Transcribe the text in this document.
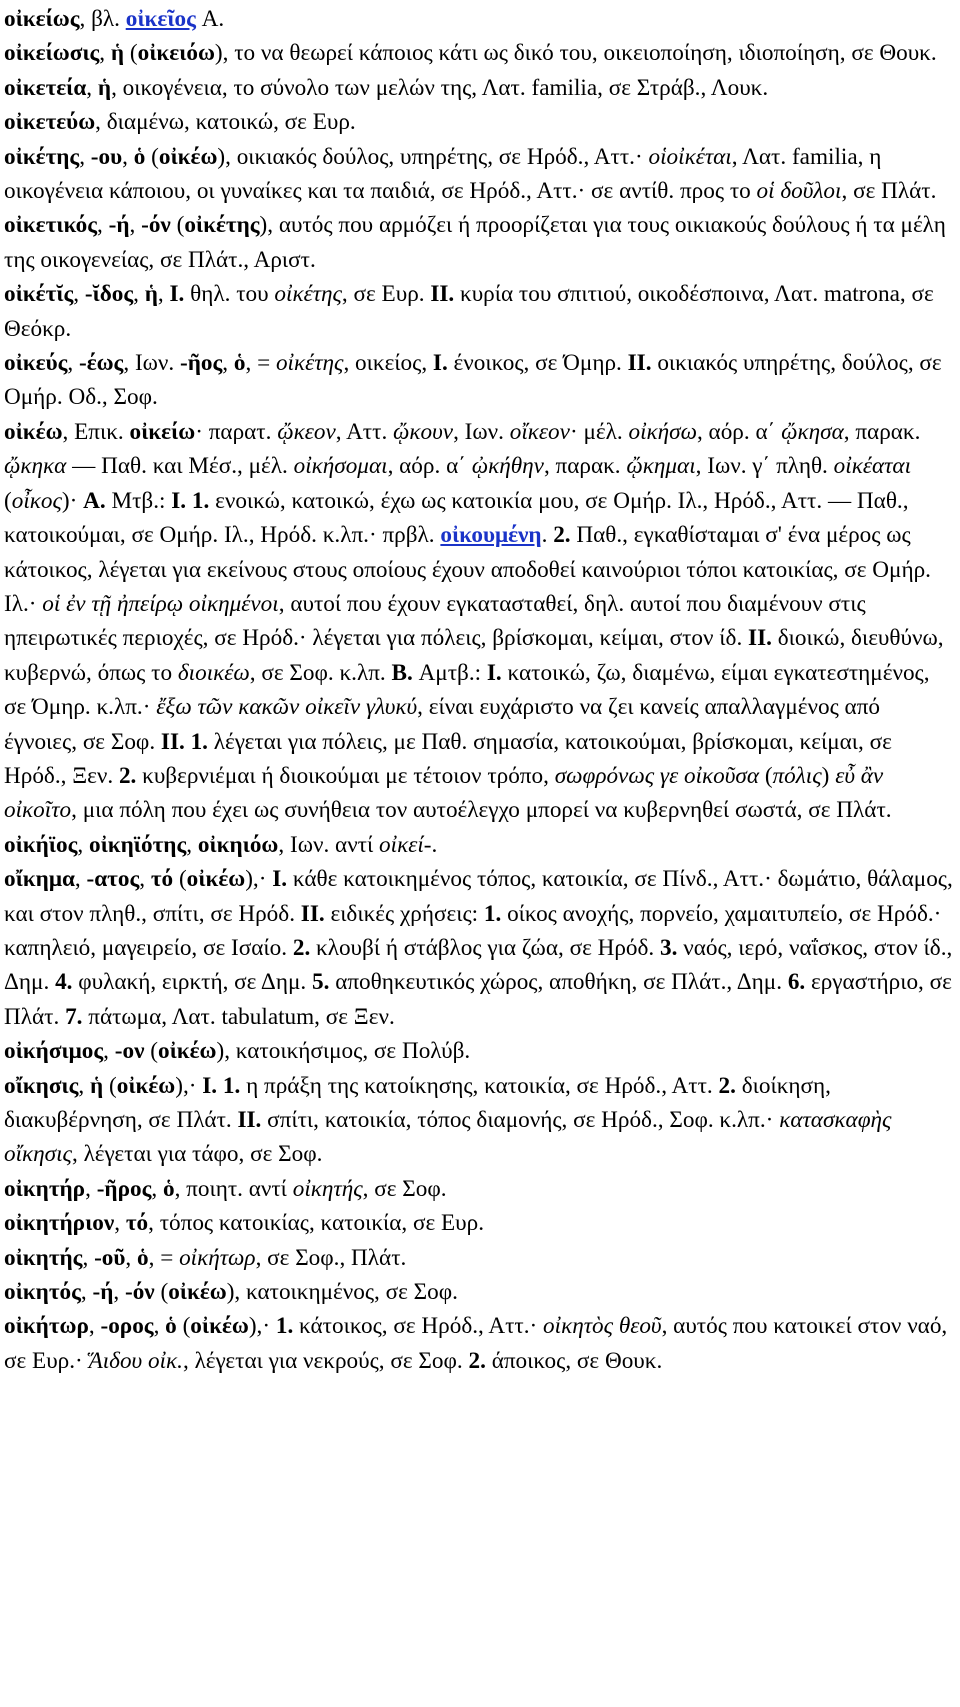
οἰκείως, βλ. οἰκεῖος A.
οἰκείωσις, ἡ (οἰκειόω), το να θεωρεί κάποιος κάτι ως δικό του, οικειοποίηση, ιδιοποίηση, σε Θουκ.
οἰκετεία, ἡ, οικογένεια, το σύνολο των μελών της, Λατ. familia, σε Στράβ., Λουκ.
οἰκετεύω, διαμένω, κατοικώ, σε Ευρ.
οἰκέτης, -ου, ὁ (οἰκέω), οικιακός δούλος, υπηρέτης, σε Ηρόδ., Αττ.· οἱοἰκέται, Λατ. familia, η οικογένεια κάποιου, οι γυναίκες και τα παιδιά, σε Ηρόδ., Αττ.· σε αντίθ. προς το οἱ δοῦλοι, σε Πλάτ.
οἰκετικός, -ή, -όν (οἰκέτης), αυτός που αρμόζει ή προορίζεται για τους οικιακούς δούλους ή τα μέλη της οικογενείας, σε Πλάτ., Αριστ.
οἰκέτῐς, -ῐδος, ἡ, I. θηλ. του οἰκέτης, σε Ευρ. II. κυρία του σπιτιού, οικοδέσποινα, Λατ. matrona, σε Θεόκρ.
οἰκεύς, -έως, Ιων. -ῆος, ὁ, = οἰκέτης, οικείος, I. ένοικος, σε Όμηρ. II. οικιακός υπηρέτης, δούλος, σε Ομήρ. Οδ., Σοφ.
οἰκέω, Επικ. οἰκείω· παρατ. ᾤκεον, Αττ. ᾤκουν, Ιων. οἴκεον· μέλ. οἰκήσω, αόρ. α΄ ᾤκησα, παρακ. ᾤκηκα — Παθ. και Μέσ., μέλ. οἰκήσομαι, αόρ. α΄ ᾠκήθην, παρακ. ᾤκημαι, Ιων. γ΄ πληθ. οἰκέαται (οἶκος)· A. Μτβ.: I. 1. ενοικώ, κατοικώ, έχω ως κατοικία μου, σε Ομήρ. Ιλ., Ηρόδ., Αττ. — Παθ., κατοικούμαι, σε Ομήρ. Ιλ., Ηρόδ. κ.λπ.· πρβλ. οἰκουμένη. 2. Παθ., εγκαθίσταμαι σ' ένα μέρος ως κάτοικος, λέγεται για εκείνους στους οποίους έχουν αποδοθεί καινούριοι τόποι κατοικίας, σε Ομήρ. Ιλ.· οἱ ἐν τῇ ἠπείρῳ οἰκημένοι, αυτοί που έχουν εγκατασταθεί, δηλ. αυτοί που διαμένουν στις ηπειρωτικές περιοχές, σε Ηρόδ.· λέγεται για πόλεις, βρίσκομαι, κείμαι, στον ίδ. II. διοικώ, διευθύνω, κυβερνώ, όπως το διοικέω, σε Σοφ. κ.λπ. B. Αμτβ.: I. κατοικώ, ζω, διαμένω, είμαι εγκατεστημένος, σε Όμηρ. κ.λπ.· ἔξω τῶν κακῶν οἰκεῖν γλυκύ, είναι ευχάριστο να ζει κανείς απαλλαγμένος από έγνοιες, σε Σοφ. II. 1. λέγεται για πόλεις, με Παθ. σημασία, κατοικούμαι, βρίσκομαι, κείμαι, σε Ηρόδ., Ξεν. 2. κυβερνιέμαι ή διοικούμαι με τέτοιον τρόπο, σωφρόνως γε οἰκοῦσα (πόλις) εὖ ἂν οἰκοῖτο, μια πόλη που έχει ως συνήθεια τον αυτοέλεγχο μπορεί να κυβερνηθεί σωστά, σε Πλάτ.
οἰκήϊος, οἰκηϊότης, οἰκηιόω, Ιων. αντί οἰκεί-.
οἴκημα, -ατος, τό (οἰκέω),· I. κάθε κατοικημένος τόπος, κατοικία, σε Πίνδ., Αττ.· δωμάτιο, θάλαμος, και στον πληθ., σπίτι, σε Ηρόδ. II. ειδικές χρήσεις: 1. οίκος ανοχής, πορνείο, χαμαιτυπείο, σε Ηρόδ.· καπηλειό, μαγειρείο, σε Ισαίο. 2. κλουβί ή στάβλος για ζώα, σε Ηρόδ. 3. ναός, ιερό, ναΐσκος, στον ίδ., Δημ. 4. φυλακή, ειρκτή, σε Δημ. 5. αποθηκευτικός χώρος, αποθήκη, σε Πλάτ., Δημ. 6. εργαστήριο, σε Πλάτ. 7. πάτωμα, Λατ. tabulatum, σε Ξεν.
οἰκήσιμος, -ον (οἰκέω), κατοικήσιμος, σε Πολύβ.
οἴκησις, ἡ (οἰκέω),· I. 1. η πράξη της κατοίκησης, κατοικία, σε Ηρόδ., Αττ. 2. διοίκηση, διακυβέρνηση, σε Πλάτ. II. σπίτι, κατοικία, τόπος διαμονής, σε Ηρόδ., Σοφ. κ.λπ.· κατασκαφὴς οἴκησις, λέγεται για τάφο, σε Σοφ.
οἰκητήρ, -ῆρος, ὁ, ποιητ. αντί οἰκητής, σε Σοφ.
οἰκητήριον, τό, τόπος κατοικίας, κατοικία, σε Ευρ.
οἰκητής, -οῦ, ὁ, = οἰκήτωρ, σε Σοφ., Πλάτ.
οἰκητός, -ή, -όν (οἰκέω), κατοικημένος, σε Σοφ.
οἰκήτωρ, -ορος, ὁ (οἰκέω),· 1. κάτοικος, σε Ηρόδ., Αττ.· οἰκητὸς θεοῦ, αυτός που κατοικεί στον ναό, σε Ευρ.· Ἅιδου οἰκ., λέγεται για νεκρούς, σε Σοφ. 2. άποικος, σε Θουκ.
